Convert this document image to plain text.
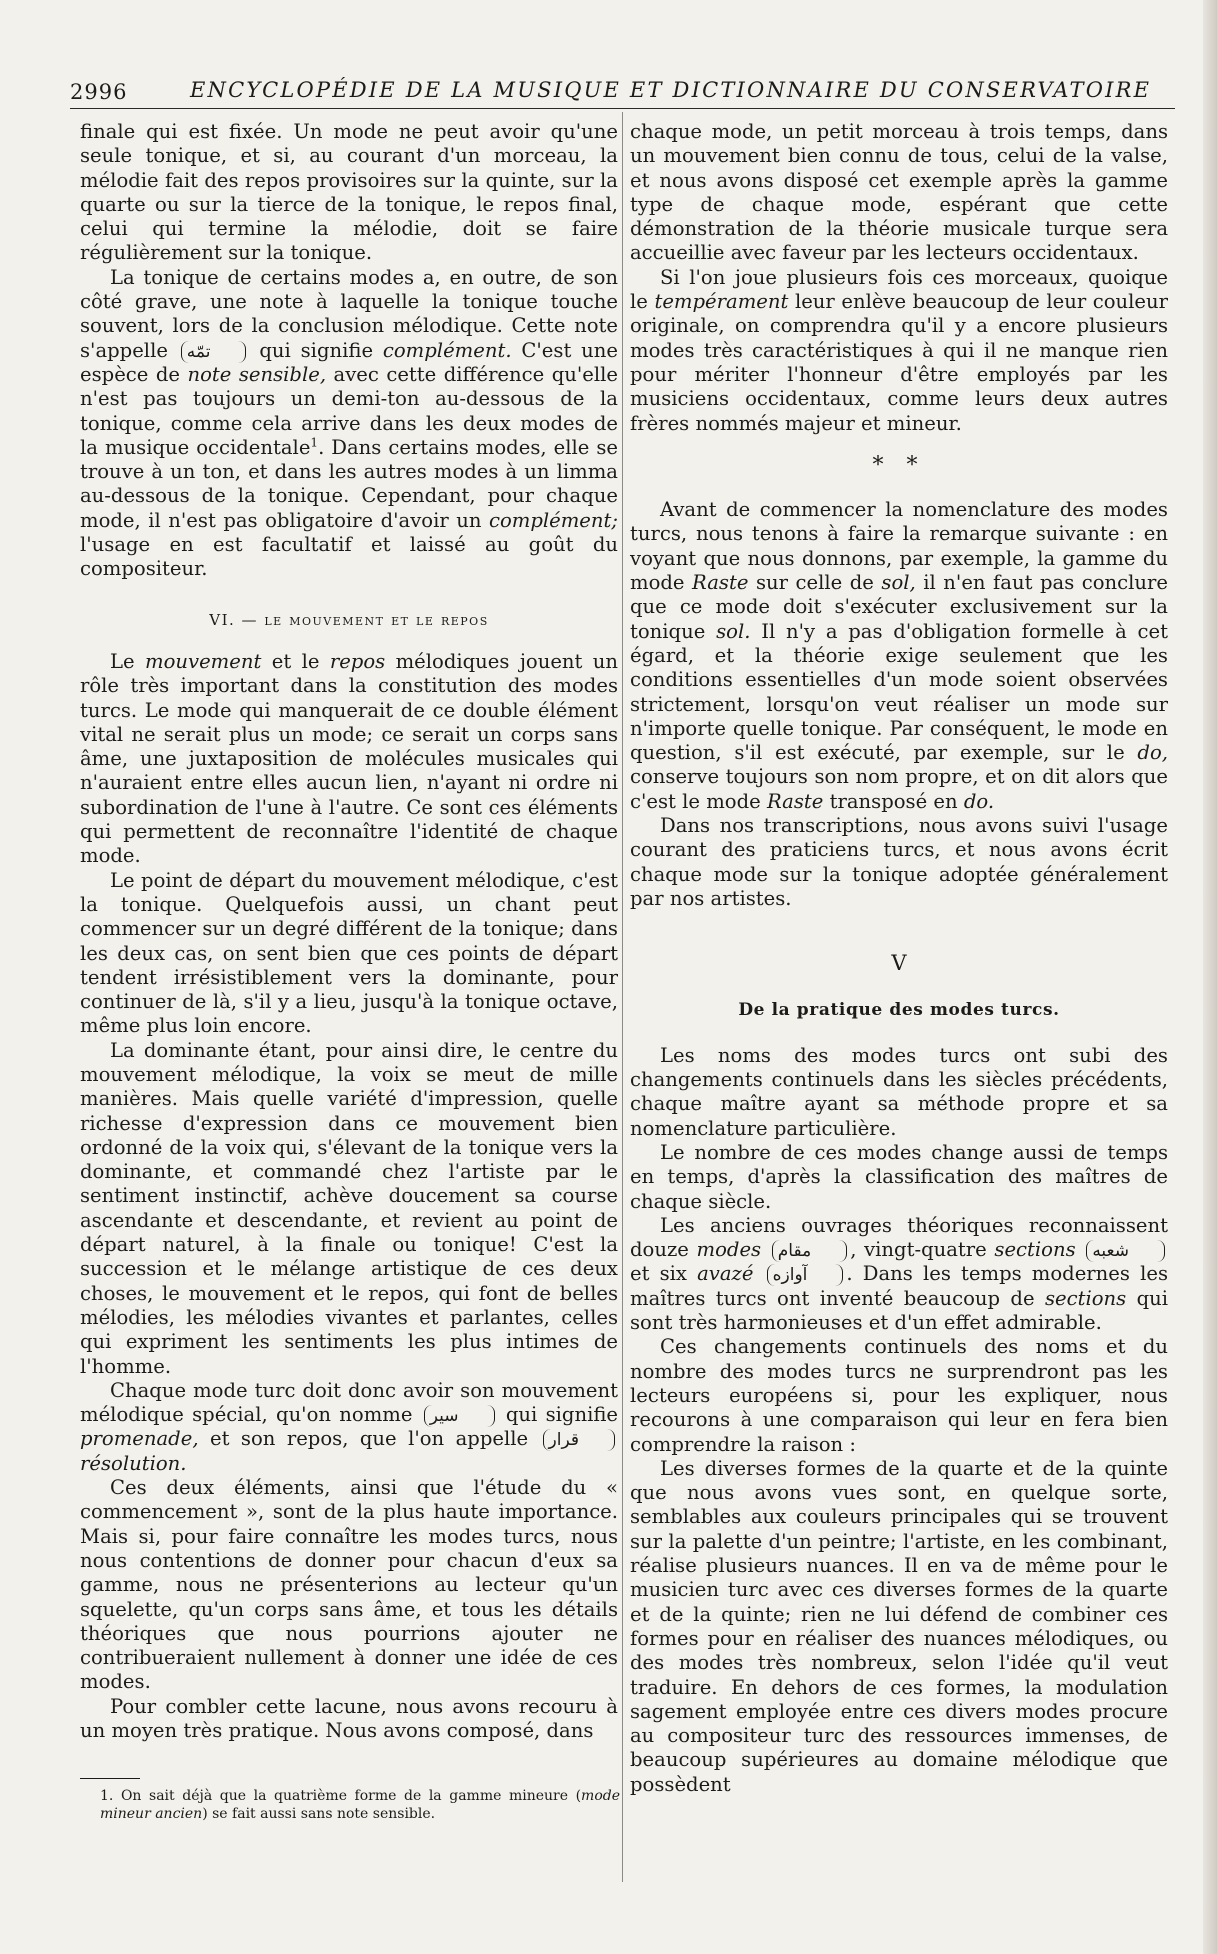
2996	ENCYCLOPÉDIE DE LA MUSIQUE ET DICTIONNAIRE DU CONSERVATOIRE

finale qui est fixée. Un mode ne peut avoir qu'une seule tonique, et si, au courant d'un morceau, la mélodie fait des repos provisoires sur la quinte, sur la quarte ou sur la tierce de la tonique, le repos final, celui qui termine la mélodie, doit se faire régulièrement sur la tonique.

La tonique de certains modes a, en outre, de son côté grave, une note à laquelle la tonique touche souvent, lors de la conclusion mélodique. Cette note s'appelle تمّه qui signifie complément. C'est une espèce de note sensible, avec cette différence qu'elle n'est pas toujours un demi-ton au-dessous de la tonique, comme cela arrive dans les deux modes de la musique occidentale$^1$. Dans certains modes, elle se trouve à un ton, et dans les autres modes à un limma au-dessous de la tonique. Cependant, pour chaque mode, il n'est pas obligatoire d'avoir un complément; l'usage en est facultatif et laissé au goût du compositeur.

VI. — le mouvement et le repos

Le mouvement et le repos mélodiques jouent un rôle très important dans la constitution des modes turcs. Le mode qui manquerait de ce double élément vital ne serait plus un mode; ce serait un corps sans âme, une juxtaposition de molécules musicales qui n'auraient entre elles aucun lien, n'ayant ni ordre ni subordination de l'une à l'autre. Ce sont ces éléments qui permettent de reconnaître l'identité de chaque mode.

Le point de départ du mouvement mélodique, c'est la tonique. Quelquefois aussi, un chant peut commencer sur un degré différent de la tonique; dans les deux cas, on sent bien que ces points de départ tendent irrésistiblement vers la dominante, pour continuer de là, s'il y a lieu, jusqu'à la tonique octave, même plus loin encore.

La dominante étant, pour ainsi dire, le centre du mouvement mélodique, la voix se meut de mille manières. Mais quelle variété d'impression, quelle richesse d'expression dans ce mouvement bien ordonné de la voix qui, s'élevant de la tonique vers la dominante, et commandé chez l'artiste par le sentiment instinctif, achève doucement sa course ascendante et descendante, et revient au point de départ naturel, à la finale ou tonique! C'est la succession et le mélange artistique de ces deux choses, le mouvement et le repos, qui font de belles mélodies, les mélodies vivantes et parlantes, celles qui expriment les sentiments les plus intimes de l'homme.

Chaque mode turc doit donc avoir son mouvement mélodique spécial, qu'on nomme سير qui signifie promenade, et son repos, que l'on appelle قرار résolution.

Ces deux éléments, ainsi que l'étude du « commencement », sont de la plus haute importance. Mais si, pour faire connaître les modes turcs, nous nous contentions de donner pour chacun d'eux sa gamme, nous ne présenterions au lecteur qu'un squelette, qu'un corps sans âme, et tous les détails théoriques que nous pourrions ajouter ne contribueraient nullement à donner une idée de ces modes.

Pour combler cette lacune, nous avons recouru à un moyen très pratique. Nous avons composé, dans

1. On sait déjà que la quatrième forme de la gamme mineure (mode mineur ancien) se fait aussi sans note sensible.

chaque mode, un petit morceau à trois temps, dans un mouvement bien connu de tous, celui de la valse, et nous avons disposé cet exemple après la gamme type de chaque mode, espérant que cette démonstration de la théorie musicale turque sera accueillie avec faveur par les lecteurs occidentaux.

Si l'on joue plusieurs fois ces morceaux, quoique le tempérament leur enlève beaucoup de leur couleur originale, on comprendra qu'il y a encore plusieurs modes très caractéristiques à qui il ne manque rien pour mériter l'honneur d'être employés par les musiciens occidentaux, comme leurs deux autres frères nommés majeur et mineur.

* *

Avant de commencer la nomenclature des modes turcs, nous tenons à faire la remarque suivante : en voyant que nous donnons, par exemple, la gamme du mode Raste sur celle de sol, il n'en faut pas conclure que ce mode doit s'exécuter exclusivement sur la tonique sol. Il n'y a pas d'obligation formelle à cet égard, et la théorie exige seulement que les conditions essentielles d'un mode soient observées strictement, lorsqu'on veut réaliser un mode sur n'importe quelle tonique. Par conséquent, le mode en question, s'il est exécuté, par exemple, sur le do, conserve toujours son nom propre, et on dit alors que c'est le mode Raste transposé en do.

Dans nos transcriptions, nous avons suivi l'usage courant des praticiens turcs, et nous avons écrit chaque mode sur la tonique adoptée généralement par nos artistes.

V
De la pratique des modes turcs.

Les noms des modes turcs ont subi des changements continuels dans les siècles précédents, chaque maître ayant sa méthode propre et sa nomenclature particulière.

Le nombre de ces modes change aussi de temps en temps, d'après la classification des maîtres de chaque siècle.

Les anciens ouvrages théoriques reconnaissent douze modes مقام , vingt-quatre sections شعبه et six avazé آوازه . Dans les temps modernes les maîtres turcs ont inventé beaucoup de sections qui sont très harmonieuses et d'un effet admirable.

Ces changements continuels des noms et du nombre des modes turcs ne surprendront pas les lecteurs européens si, pour les expliquer, nous recourons à une comparaison qui leur en fera bien comprendre la raison :

Les diverses formes de la quarte et de la quinte que nous avons vues sont, en quelque sorte, semblables aux couleurs principales qui se trouvent sur la palette d'un peintre; l'artiste, en les combinant, réalise plusieurs nuances. Il en va de même pour le musicien turc avec ces diverses formes de la quarte et de la quinte; rien ne lui défend de combiner ces formes pour en réaliser des nuances mélodiques, ou des modes très nombreux, selon l'idée qu'il veut traduire. En dehors de ces formes, la modulation sagement employée entre ces divers modes procure au compositeur turc des ressources immenses, de beaucoup supérieures au domaine mélodique que possèdent
